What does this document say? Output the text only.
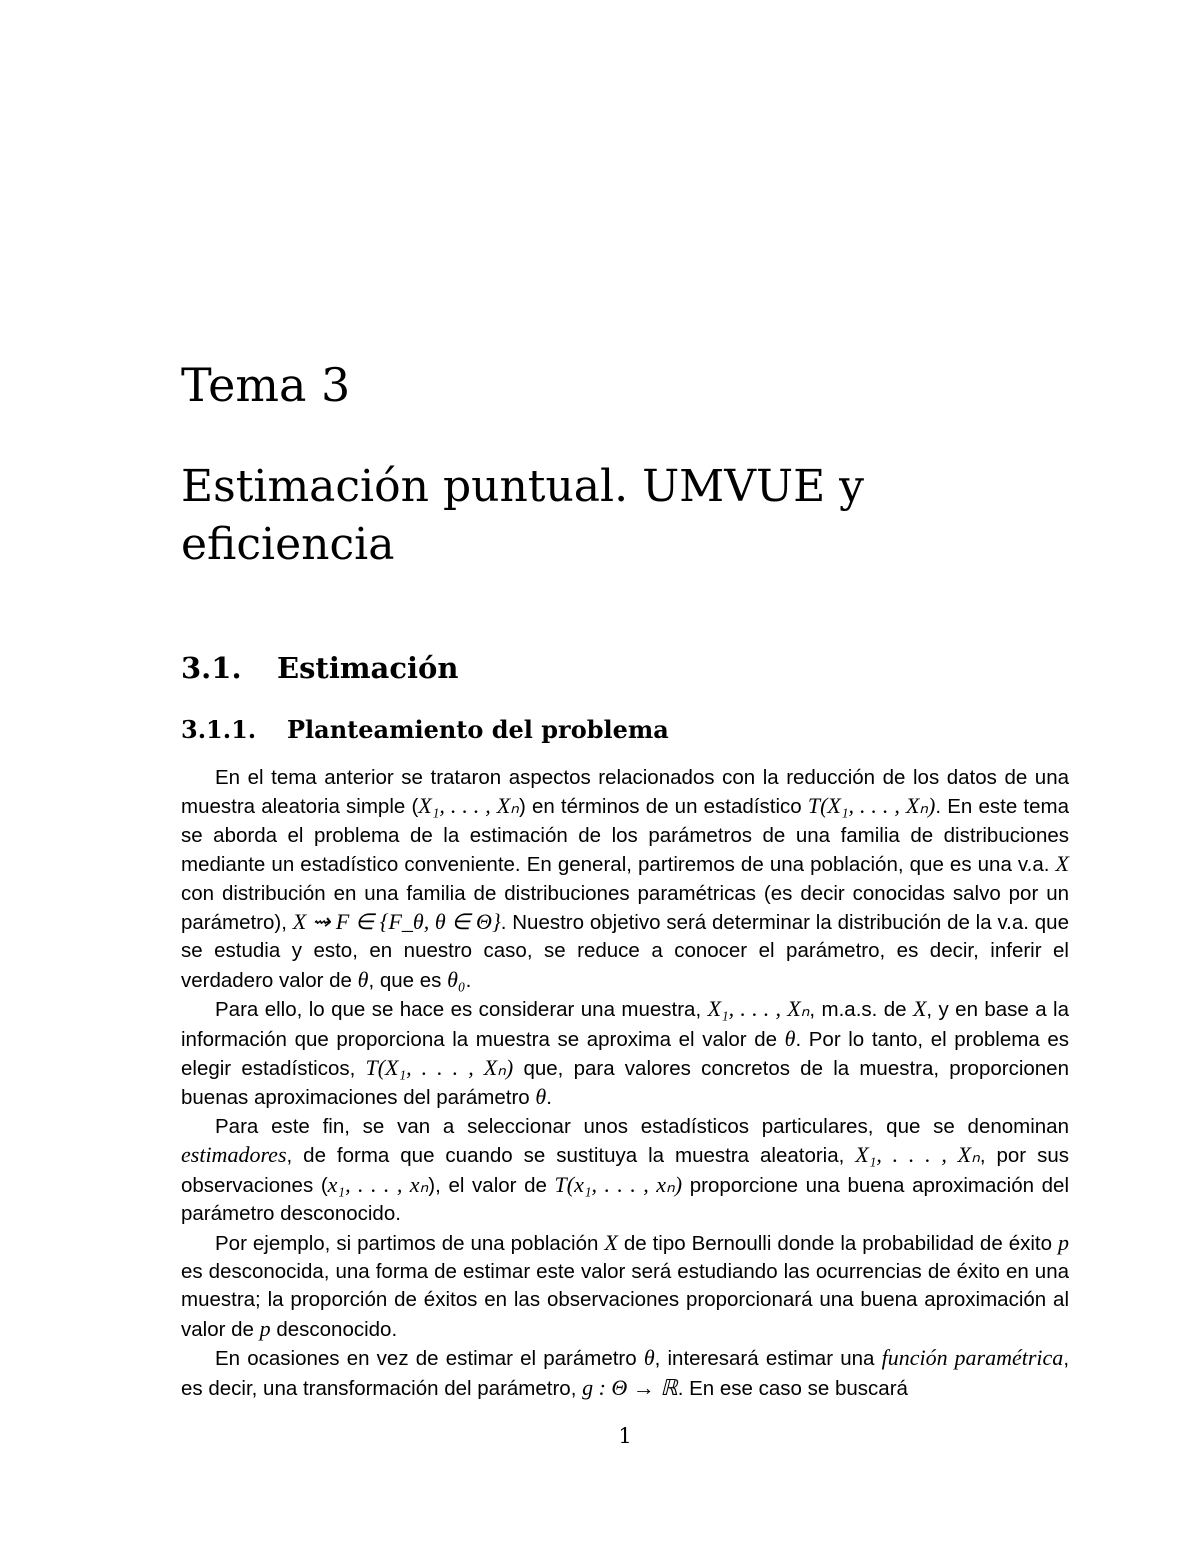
Tema 3
Estimación puntual. UMVUE y eficiencia
3.1. Estimación
3.1.1. Planteamiento del problema

En el tema anterior se trataron aspectos relacionados con la reducción de los datos de una muestra aleatoria simple (X₁, . . . , Xₙ) en términos de un estadístico T(X₁, . . . , Xₙ). En este tema se aborda el problema de la estimación de los parámetros de una familia de distribuciones mediante un estadístico conveniente. En general, partiremos de una población, que es una v.a. X con distribución en una familia de distribuciones paramétricas (es decir conocidas salvo por un parámetro), X ⇝ F ∈ {F_θ, θ ∈ Θ}. Nuestro objetivo será determinar la distribución de la v.a. que se estudia y esto, en nuestro caso, se reduce a conocer el parámetro, es decir, inferir el verdadero valor de θ, que es θ₀.

Para ello, lo que se hace es considerar una muestra, X₁, . . . , Xₙ, m.a.s. de X, y en base a la información que proporciona la muestra se aproxima el valor de θ. Por lo tanto, el problema es elegir estadísticos, T(X₁, . . . , Xₙ) que, para valores concretos de la muestra, proporcionen buenas aproximaciones del parámetro θ.

Para este fin, se van a seleccionar unos estadísticos particulares, que se denominan estimadores, de forma que cuando se sustituya la muestra aleatoria, X₁, . . . , Xₙ, por sus observaciones (x₁, . . . , xₙ), el valor de T(x₁, . . . , xₙ) proporcione una buena aproximación del parámetro desconocido.

Por ejemplo, si partimos de una población X de tipo Bernoulli donde la probabilidad de éxito p es desconocida, una forma de estimar este valor será estudiando las ocurrencias de éxito en una muestra; la proporción de éxitos en las observaciones proporcionará una buena aproximación al valor de p desconocido.

En ocasiones en vez de estimar el parámetro θ, interesará estimar una función paramétrica, es decir, una transformación del parámetro, g : Θ → ℝ. En ese caso se buscará

1
